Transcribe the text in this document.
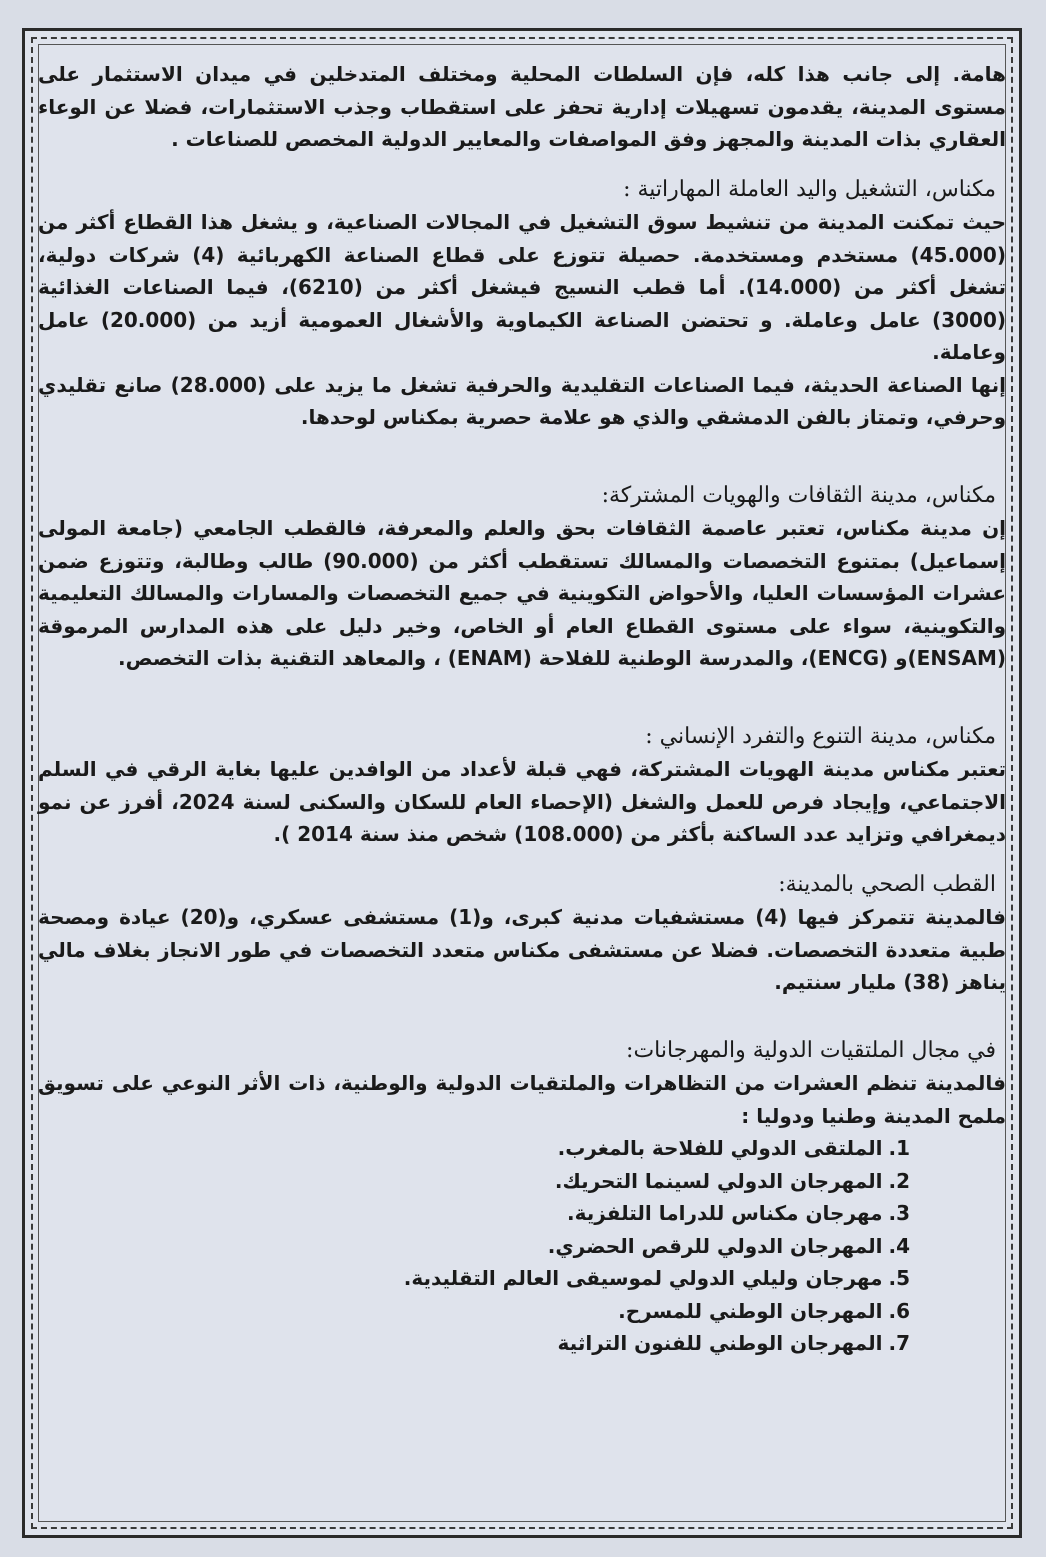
هامة. إلى جانب هذا كله، فإن السلطات المحلية ومختلف المتدخلين في ميدان الاستثمار على مستوى المدينة، يقدمون تسهيلات إدارية تحفز على استقطاب وجذب الاستثمارات، فضلا عن الوعاء العقاري بذات المدينة والمجهز وفق المواصفات والمعايير الدولية المخصص للصناعات .

مكناس، التشغيل واليد العاملة المهاراتية :

حيث تمكنت المدينة من تنشيط سوق التشغيل في المجالات الصناعية، و يشغل هذا القطاع أكثر من (45.000) مستخدم ومستخدمة. حصيلة تتوزع على قطاع الصناعة الكهربائية (4) شركات دولية، تشغل أكثر من (14.000). أما قطب النسيج فيشغل أكثر من (6210)، فيما الصناعات الغذائية (3000) عامل وعاملة. و تحتضن الصناعة الكيماوية والأشغال العمومية أزيد من (20.000) عامل وعاملة.

إنها الصناعة الحديثة، فيما الصناعات التقليدية والحرفية تشغل ما يزيد على (28.000) صانع تقليدي وحرفي، وتمتاز بالفن الدمشقي والذي هو علامة حصرية بمكناس لوحدها.

مكناس، مدينة الثقافات والهويات المشتركة:

إن مدينة مكناس، تعتبر عاصمة الثقافات بحق والعلم والمعرفة، فالقطب الجامعي (جامعة المولى إسماعيل) بمتنوع التخصصات والمسالك تستقطب أكثر من (90.000) طالب وطالبة، وتتوزع ضمن عشرات المؤسسات العليا، والأحواض التكوينية في جميع التخصصات والمسارات والمسالك التعليمية والتكوينية، سواء على مستوى القطاع العام أو الخاص، وخير دليل على هذه المدارس المرموقة (ENSAM)و (ENCG)، والمدرسة الوطنية للفلاحة (ENAM) ، والمعاهد التقنية بذات التخصص.

مكناس، مدينة التنوع والتفرد الإنساني :

تعتبر مكناس مدينة الهويات المشتركة، فهي قبلة لأعداد من الوافدين عليها بغاية الرقي في السلم الاجتماعي، وإيجاد فرص للعمل والشغل (الإحصاء العام للسكان والسكنى لسنة 2024، أفرز عن نمو ديمغرافي وتزايد عدد الساكنة بأكثر من (108.000) شخص منذ سنة 2014 ).

القطب الصحي بالمدينة:

فالمدينة تتمركز فيها (4) مستشفيات مدنية كبرى، و(1) مستشفى عسكري، و(20) عيادة ومصحة طبية متعددة التخصصات. فضلا عن مستشفى مكناس متعدد التخصصات في طور الانجاز بغلاف مالي يناهز (38) مليار سنتيم.

في مجال الملتقيات الدولية والمهرجانات:

فالمدينة تنظم العشرات من التظاهرات والملتقيات الدولية والوطنية، ذات الأثر النوعي على تسويق ملمح المدينة وطنيا ودوليا :

1.الملتقى الدولي للفلاحة بالمغرب.
2.المهرجان الدولي لسينما التحريك.
3.مهرجان مكناس للدراما التلفزية.
4.المهرجان الدولي للرقص الحضري.
5.مهرجان وليلي الدولي لموسيقى العالم التقليدية.
6.المهرجان الوطني للمسرح.
7.المهرجان الوطني للفنون التراثية
